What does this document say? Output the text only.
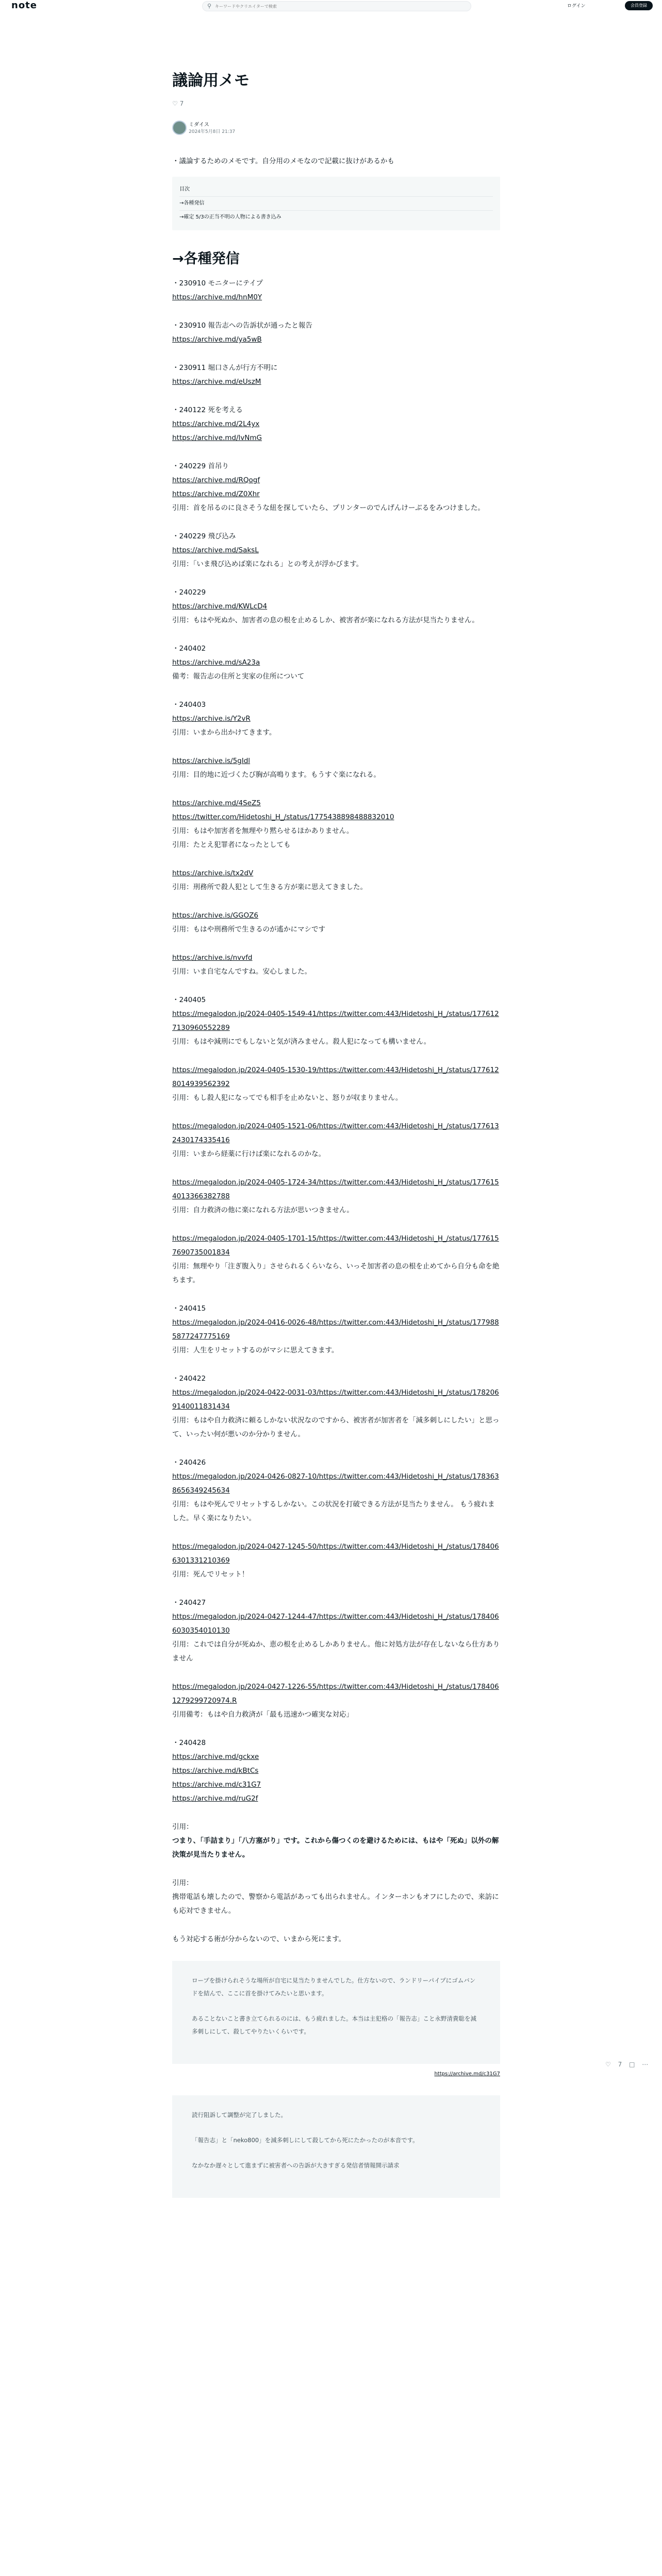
note	⚲
キーワードやクリエイターで検索	ログイン	会員登録
議論用メモ
♡ 7
ミダイス
2024年5月8日 21:37

・議論するためのメモです。自分用のメモなので記載に抜けがあるかも

目次
→各種発信
→確定 5/3の正当不明の人物による書き込み
→各種発信

・230910 モニターにテイプ

https://archive.md/hnM0Y

・230910 報告志への告訴状が通ったと報告

https://archive.md/ya5wB

・230911 堀口さんが行方不明に

https://archive.md/eUszM

・240122 死を考える

https://archive.md/2L4yx

https://archive.md/lvNmG

・240229 首吊り

https://archive.md/RQogf

https://archive.md/Z0Xhr

引用：首を吊るのに良さそうな紐を探していたら、プリンターのでんげんけーぶるをみつけました。

・240229 飛び込み

https://archive.md/SaksL

引用：「いま飛び込めば楽になれる」との考えが浮かびます。

・240229

https://archive.md/KWLcD4

引用：もはや死ぬか、加害者の息の根を止めるしか、被害者が楽になれる方法が見当たりません。

・240402

https://archive.md/sA23a

備考：報告志の住所と実家の住所について

・240403

https://archive.is/Y2vR

引用：いまから出かけてきます。

https://archive.is/5gIdl

引用：目的地に近づくたび胸が高鳴ります。もうすぐ楽になれる。

https://archive.md/4SeZ5

https://twitter.com/Hidetoshi_H_/status/1775438898488832010

引用：もはや加害者を無理やり黙らせるほかありません。

引用：たとえ犯罪者になったとしても

https://archive.is/tx2dV

引用：刑務所で殺人犯として生きる方が楽に思えてきました。

https://archive.is/GGOZ6

引用：もはや刑務所で生きるのが遙かにマシです

https://archive.is/nvvfd

引用：いま自宅なんですね。安心しました。

・240405

https://megalodon.jp/2024-0405-1549-41/https://twitter.com:443/Hidetoshi_H_/status/1776127130960552289

引用：もはや減刑にでもしないと気が済みません。殺人犯になっても構いません。

https://megalodon.jp/2024-0405-1530-19/https://twitter.com:443/Hidetoshi_H_/status/1776128014939562392

引用：もし殺人犯になってでも相手を止めないと、怒りが収まりません。

https://megalodon.jp/2024-0405-1521-06/https://twitter.com:443/Hidetoshi_H_/status/1776132430174335416

引用：いまから経薬に行けば楽になれるのかな。

https://megalodon.jp/2024-0405-1724-34/https://twitter.com:443/Hidetoshi_H_/status/1776154013366382788

引用：自力救済の他に楽になれる方法が思いつきません。

https://megalodon.jp/2024-0405-1701-15/https://twitter.com:443/Hidetoshi_H_/status/1776157690735001834

引用：無理やり「注ぎ腹入り」させられるくらいなら、いっそ加害者の息の根を止めてから自分も命を絶ちます。

・240415

https://megalodon.jp/2024-0416-0026-48/https://twitter.com:443/Hidetoshi_H_/status/1779885877247775169

引用：人生をリセットするのがマシに思えてきます。

・240422

https://megalodon.jp/2024-0422-0031-03/https://twitter.com:443/Hidetoshi_H_/status/1782069140011831434

引用：もはや自力救済に頼るしかない状況なのですから、被害者が加害者を「減多刺しにしたい」と思って、いったい何が悪いのか分かりません。

・240426

https://megalodon.jp/2024-0426-0827-10/https://twitter.com:443/Hidetoshi_H_/status/1783638656349245634

引用：もはや死んでリセットするしかない。この状況を打破できる方法が見当たりません。 もう疲れました。早く楽になりたい。

https://megalodon.jp/2024-0427-1245-50/https://twitter.com:443/Hidetoshi_H_/status/1784066301331210369

引用：死んでリセット！

・240427

https://megalodon.jp/2024-0427-1244-47/https://twitter.com:443/Hidetoshi_H_/status/1784066030354010130

引用：これでは自分が死ぬか、恵の根を止めるしかありません。他に対処方法が存在しないなら仕方ありません

https://megalodon.jp/2024-0427-1226-55/https://twitter.com:443/Hidetoshi_H_/status/1784061279299720974.R

引用備考：もはや自力救済が「最も迅速かつ確実な対応」

・240428

https://archive.md/gckxe

https://archive.md/kBtCs

https://archive.md/c31G7

https://archive.md/ruG2f

引用：

つまり、「手詰まり」「八方塞がり」です。これから傷つくのを避けるためには、もはや「死ぬ」以外の解決策が見当たりません。

引用：

携帯電話も壊したので、警察から電話があっても出られません。インターホンもオフにしたので、来訪にも応対できません。

もう対応する術が分からないので、いまから死にます。

ロープを掛けられそうな場所が自宅に見当たりませんでした。仕方ないので、ランドリーパイプにゴムバンドを結んで、ここに首を掛けてみたいと思います。

あることないこと書き立てられるのには、もう疲れました。本当は主犯格の「報告志」こと永野清貴聡を減多刺しにして、殺してやりたいくらいです。

https://archive.md/c31G7

読行阻訴して調整が完了しました。

「報告志」と「neko800」を減多刺しにして殺してから死にたかったのが本音です。

なかなか遅々として進まずに被害者への告訴が大きすぎる発信者情報開示請求

♡ 7 □ ⋯
